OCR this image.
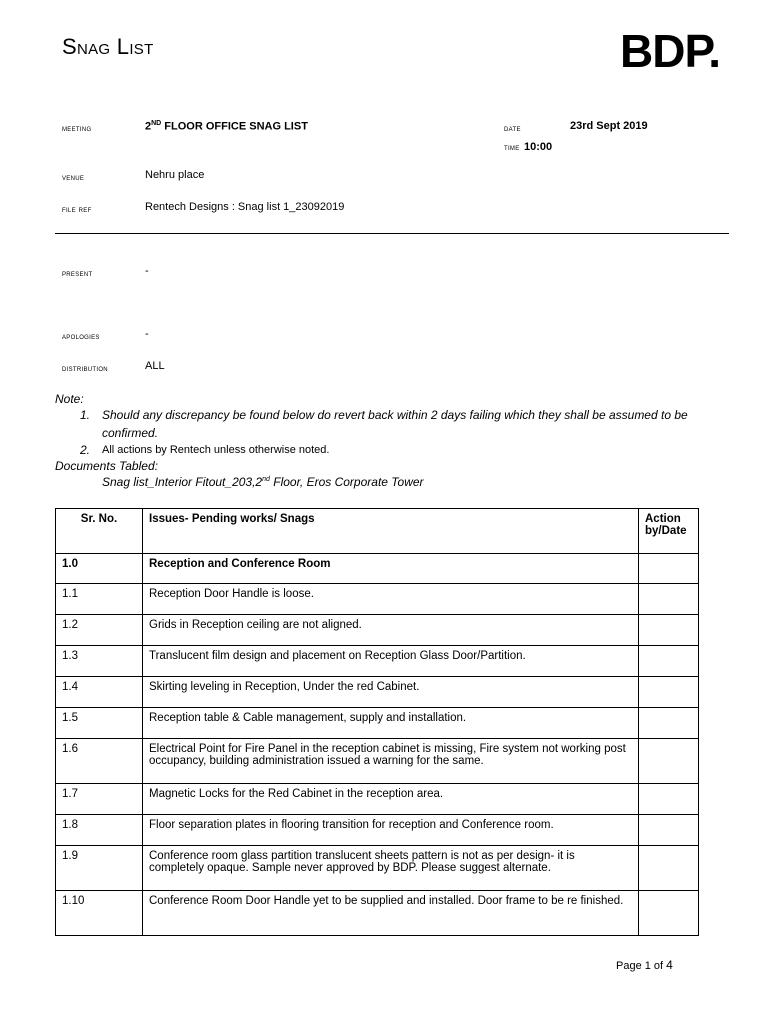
Snag List	BDP.
meeting	2ND FLOOR OFFICE SNAG LIST	date	23rd Sept 2019
time 10:00
venue	Nehru place
file ref	Rentech Designs : Snag list 1_23092019
present	-
apologies	-
distribution	ALL
Note:
1. Should any discrepancy be found below do revert back within 2 days failing which they shall be assumed to be
confirmed.
2. All actions by Rentech unless otherwise noted.
Documents Tabled:
Snag list_Interior Fitout_203,2nd Floor, Eros Corporate Tower
Sr. No.	Issues- Pending works/ Snags	Action by/Date
1.0	Reception and Conference Room	
1.1	Reception Door Handle is loose.	
1.2	Grids in Reception ceiling are not aligned.	
1.3	Translucent film design and placement on Reception Glass Door/Partition.	
1.4	Skirting leveling in Reception, Under the red Cabinet.	
1.5	Reception table & Cable management, supply and installation.	
1.6	Electrical Point for Fire Panel in the reception cabinet is missing, Fire system not working post occupancy, building administration issued a warning for the same.	
1.7	Magnetic Locks for the Red Cabinet in the reception area.	
1.8	Floor separation plates in flooring transition for reception and Conference room.	
1.9	Conference room glass partition translucent sheets pattern is not as per design- it is completely opaque. Sample never approved by BDP. Please suggest alternate.	
1.10	Conference Room Door Handle yet to be supplied and installed. Door frame to be re finished.	
Page 1 of 4
